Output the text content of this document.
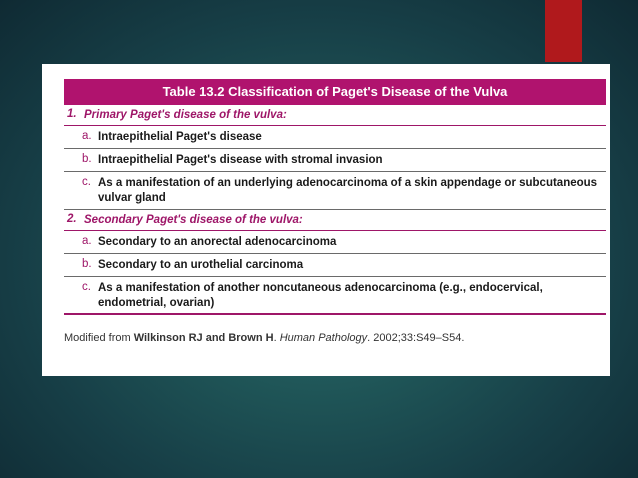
Table 13.2 Classification of Paget's Disease of the Vulva
1. Primary Paget's disease of the vulva:
a. Intraepithelial Paget's disease
b. Intraepithelial Paget's disease with stromal invasion
c. As a manifestation of an underlying adenocarcinoma of a skin appendage or subcutaneous vulvar gland
2. Secondary Paget's disease of the vulva:
a. Secondary to an anorectal adenocarcinoma
b. Secondary to an urothelial carcinoma
c. As a manifestation of another noncutaneous adenocarcinoma (e.g., endocervical, endometrial, ovarian)
Modified from Wilkinson RJ and Brown H. Human Pathology. 2002;33:S49–S54.
